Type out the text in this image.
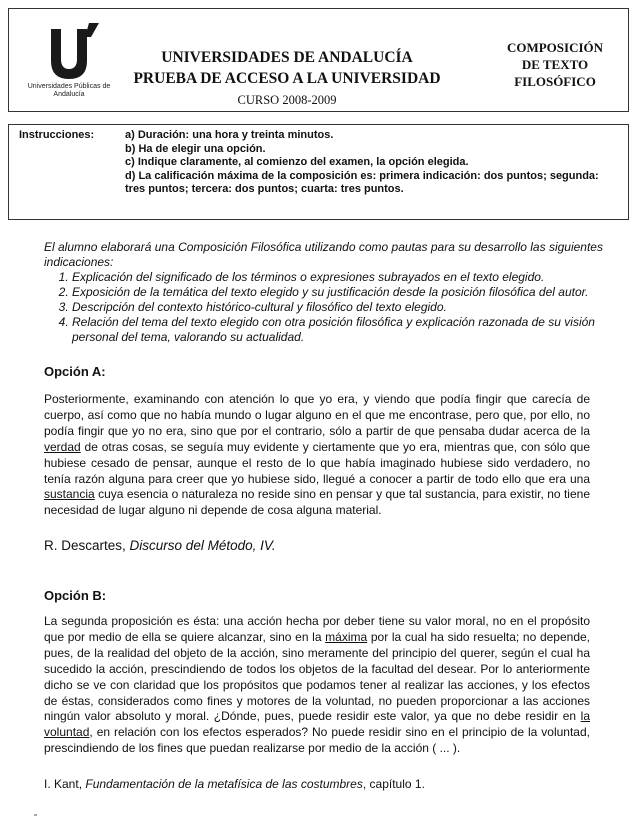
Universidades Públicas de Andalucía
UNIVERSIDADES DE ANDALUCÍA
PRUEBA DE ACCESO A LA UNIVERSIDAD
CURSO 2008-2009
COMPOSICIÓN
DE TEXTO
FILOSÓFICO
Instrucciones:	a) Duración: una hora y treinta minutos.
b) Ha de elegir una opción.
c) Indique claramente, al comienzo del examen, la opción elegida.
d) La calificación máxima de la composición es: primera indicación: dos puntos; segunda: tres puntos; tercera: dos puntos; cuarta: tres puntos.
El alumno elaborará una Composición Filosófica utilizando como pautas para su desarrollo las siguientes indicaciones:
1. Explicación del significado de los términos o expresiones subrayados en el texto elegido.
2. Exposición de la temática del texto elegido y su justificación desde la posición filosófica del autor.
3. Descripción del contexto histórico-cultural y filosófico del texto elegido.
4. Relación del tema del texto elegido con otra posición filosófica y explicación razonada de su visión personal del tema, valorando su actualidad.
Opción A:
Posteriormente, examinando con atención lo que yo era, y viendo que podía fingir que carecía de cuerpo, así como que no había mundo o lugar alguno en el que me encontrase, pero que, por ello, no podía fingir que yo no era, sino que por el contrario, sólo a partir de que pensaba dudar acerca de la verdad de otras cosas, se seguía muy evidente y ciertamente que yo era, mientras que, con sólo que hubiese cesado de pensar, aunque el resto de lo que había imaginado hubiese sido verdadero, no tenía razón alguna para creer que yo hubiese sido, llegué a conocer a partir de todo ello que era una sustancia cuya esencia o naturaleza no reside sino en pensar y que tal sustancia, para existir, no tiene necesidad de lugar alguno ni depende de cosa alguna material.
R. Descartes, Discurso del Método, IV.
Opción B:
La segunda proposición es ésta: una acción hecha por deber tiene su valor moral, no en el propósito que por medio de ella se quiere alcanzar, sino en la máxima por la cual ha sido resuelta; no depende, pues, de la realidad del objeto de la acción, sino meramente del principio del querer, según el cual ha sucedido la acción, prescindiendo de todos los objetos de la facultad del desear. Por lo anteriormente dicho se ve con claridad que los propósitos que podamos tener al realizar las acciones, y los efectos de éstas, considerados como fines y motores de la voluntad, no pueden proporcionar a las acciones ningún valor absoluto y moral. ¿Dónde, pues, puede residir este valor, ya que no debe residir en la voluntad, en relación con los efectos esperados? No puede residir sino en el principio de la voluntad, prescindiendo de los fines que puedan realizarse por medio de la acción ( ... ).
I. Kant, Fundamentación de la metafísica de las costumbres, capítulo 1.
